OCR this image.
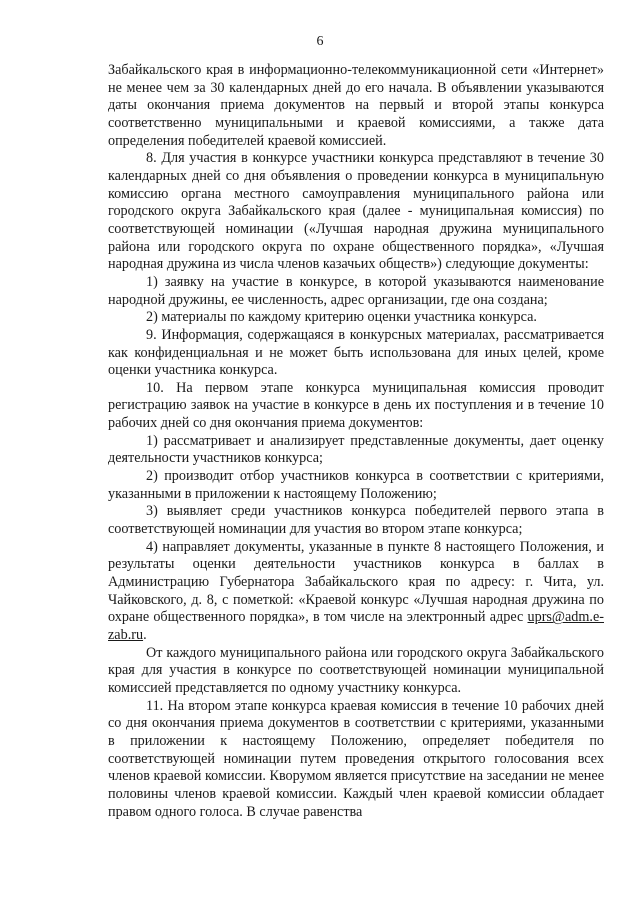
6

Забайкальского края в информационно-телекоммуникационной сети «Интернет» не менее чем за 30 календарных дней до его начала. В объявлении указываются даты окончания приема документов на первый и второй этапы конкурса соответственно муниципальными и краевой комиссиями, а также дата определения победителей краевой комиссией.

8. Для участия в конкурсе участники конкурса представляют в течение 30 календарных дней со дня объявления о проведении конкурса в муниципальную комиссию органа местного самоуправления муниципального района или городского округа Забайкальского края (далее - муниципальная комиссия) по соответствующей номинации («Лучшая народная дружина муниципального района или городского округа по охране общественного порядка», «Лучшая народная дружина из числа членов казачьих обществ») следующие документы:

1) заявку на участие в конкурсе, в которой указываются наименование народной дружины, ее численность, адрес организации, где она создана;

2) материалы по каждому критерию оценки участника конкурса.

9. Информация, содержащаяся в конкурсных материалах, рассматривается как конфиденциальная и не может быть использована для иных целей, кроме оценки участника конкурса.

10. На первом этапе конкурса муниципальная комиссия проводит регистрацию заявок на участие в конкурсе в день их поступления и в течение 10 рабочих дней со дня окончания приема документов:

1) рассматривает и анализирует представленные документы, дает оценку деятельности участников конкурса;

2) производит отбор участников конкурса в соответствии с критериями, указанными в приложении к настоящему Положению;

3) выявляет среди участников конкурса победителей первого этапа в соответствующей номинации для участия во втором этапе конкурса;

4) направляет документы, указанные в пункте 8 настоящего Положения, и результаты оценки деятельности участников конкурса в баллах в Администрацию Губернатора Забайкальского края по адресу: г. Чита, ул. Чайковского, д. 8, с пометкой: «Краевой конкурс «Лучшая народная дружина по охране общественного порядка», в том числе на электронный адрес uprs@adm.e-zab.ru.

От каждого муниципального района или городского округа Забайкальского края для участия в конкурсе по соответствующей номинации муниципальной комиссией представляется по одному участнику конкурса.

11. На втором этапе конкурса краевая комиссия в течение 10 рабочих дней со дня окончания приема документов в соответствии с критериями, указанными в приложении к настоящему Положению, определяет победителя по соответствующей номинации путем проведения открытого голосования всех членов краевой комиссии. Кворумом является присутствие на заседании не менее половины членов краевой комиссии. Каждый член краевой комиссии обладает правом одного голоса. В случае равенства
